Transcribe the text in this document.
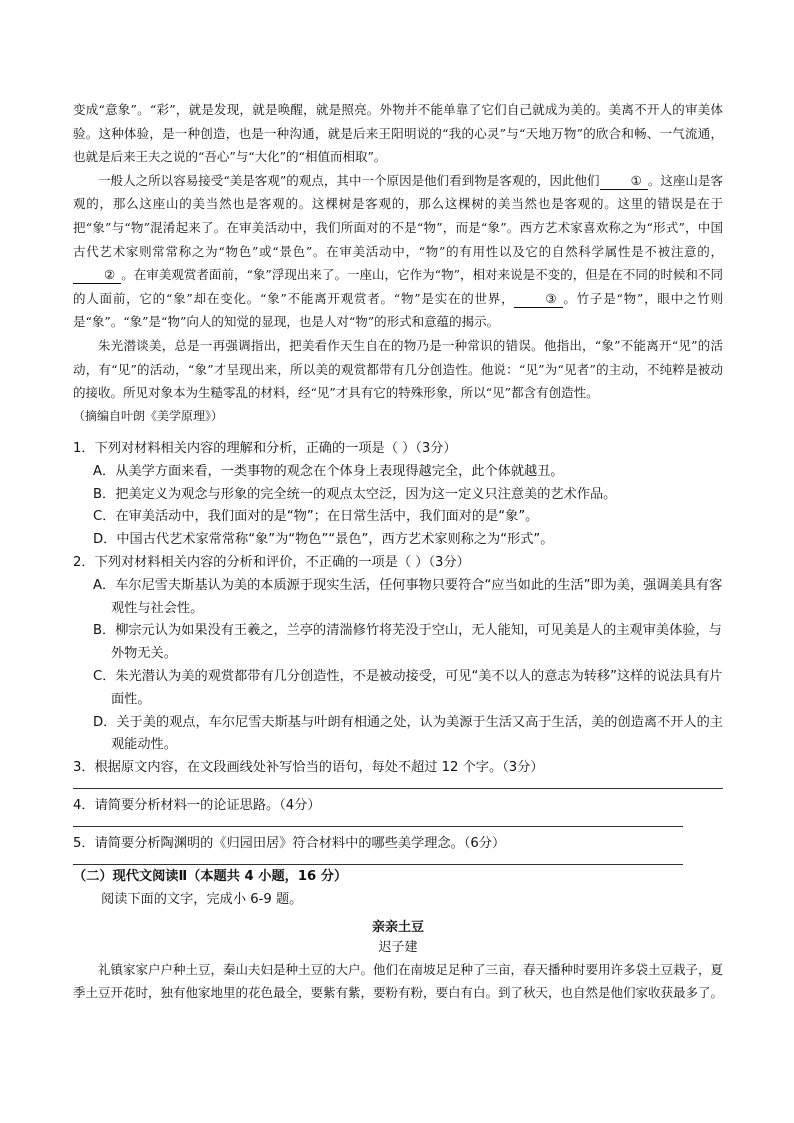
变成“意象”。“彩”，就是发现，就是唤醒，就是照亮。外物并不能单靠了它们自己就成为美的。美离不开人的审美体验。这种体验，是一种创造，也是一种沟通，就是后来王阳明说的“我的心灵”与“天地万物”的欣合和畅、一气流通，也就是后来王夫之说的“吾心”与“大化”的“相值而相取”。

一般人之所以容易接受“美是客观”的观点，其中一个原因是他们看到物是客观的，因此他们 ① 。这座山是客观的，那么这座山的美当然也是客观的。这棵树是客观的，那么这棵树的美当然也是客观的。这里的错误是在于把“象”与“物”混淆起来了。在审美活动中，我们所面对的不是“物”，而是“象”。西方艺术家喜欢称之为“形式”，中国古代艺术家则常常称之为“物色”或“景色”。在审美活动中，“物”的有用性以及它的自然科学属性是不被注意的，② 。在审美观赏者面前，“象”浮现出来了。一座山，它作为“物”，相对来说是不变的，但是在不同的时候和不同的人面前，它的“象”却在变化。“象”不能离开观赏者。“物”是实在的世界， ③ 。竹子是“物”，眼中之竹则是“象”。“象”是“物”向人的知觉的显现，也是人对“物”的形式和意蕴的揭示。

朱光潜谈美，总是一再强调指出，把美看作天生自在的物乃是一种常识的错误。他指出，“象”不能离开“见”的活动，有“见”的活动，“象”才呈现出来，所以美的观赏都带有几分创造性。他说：“见”为“见者”的主动，不纯粹是被动的接收。所见对象本为生糙零乱的材料，经“见”才具有它的特殊形象，所以“见”都含有创造性。

（摘编自叶朗《美学原理》）

1．下列对材料相关内容的理解和分析，正确的一项是（ ）（3分）

A．从美学方面来看，一类事物的观念在个体身上表现得越完全，此个体就越丑。

B．把美定义为观念与形象的完全统一的观点太空泛，因为这一定义只注意美的艺术作品。

C．在审美活动中，我们面对的是“物”；在日常生活中，我们面对的是“象”。

D．中国古代艺术家常常称“象”为“物色”“景色”，西方艺术家则称之为“形式”。

2．下列对材料相关内容的分析和评价，不正确的一项是（ ）（3分）

A．车尔尼雪夫斯基认为美的本质源于现实生活，任何事物只要符合“应当如此的生活”即为美，强调美具有客观性与社会性。

B．柳宗元认为如果没有王羲之，兰亭的清湍修竹将芜没于空山，无人能知，可见美是人的主观审美体验，与外物无关。

C．朱光潜认为美的观赏都带有几分创造性，不是被动接受，可见“美不以人的意志为转移”这样的说法具有片面性。

D．关于美的观点，车尔尼雪夫斯基与叶朗有相通之处，认为美源于生活又高于生活，美的创造离不开人的主观能动性。

3．根据原文内容，在文段画线处补写恰当的语句，每处不超过 12 个字。（3分）

4．请简要分析材料一的论证思路。（4分）

5．请简要分析陶渊明的《归园田居》符合材料中的哪些美学理念。（6分）

（二）现代文阅读Ⅱ（本题共 4 小题，16 分）
阅读下面的文字，完成小 6-9 题。
亲亲土豆
迟子建

礼镇家家户户种土豆，秦山夫妇是种土豆的大户。他们在南坡足足种了三亩，春天播种时要用许多袋土豆栽子，夏季土豆开花时，独有他家地里的花色最全，要紫有紫，要粉有粉，要白有白。到了秋天，也自然是他们家收获最多了。
